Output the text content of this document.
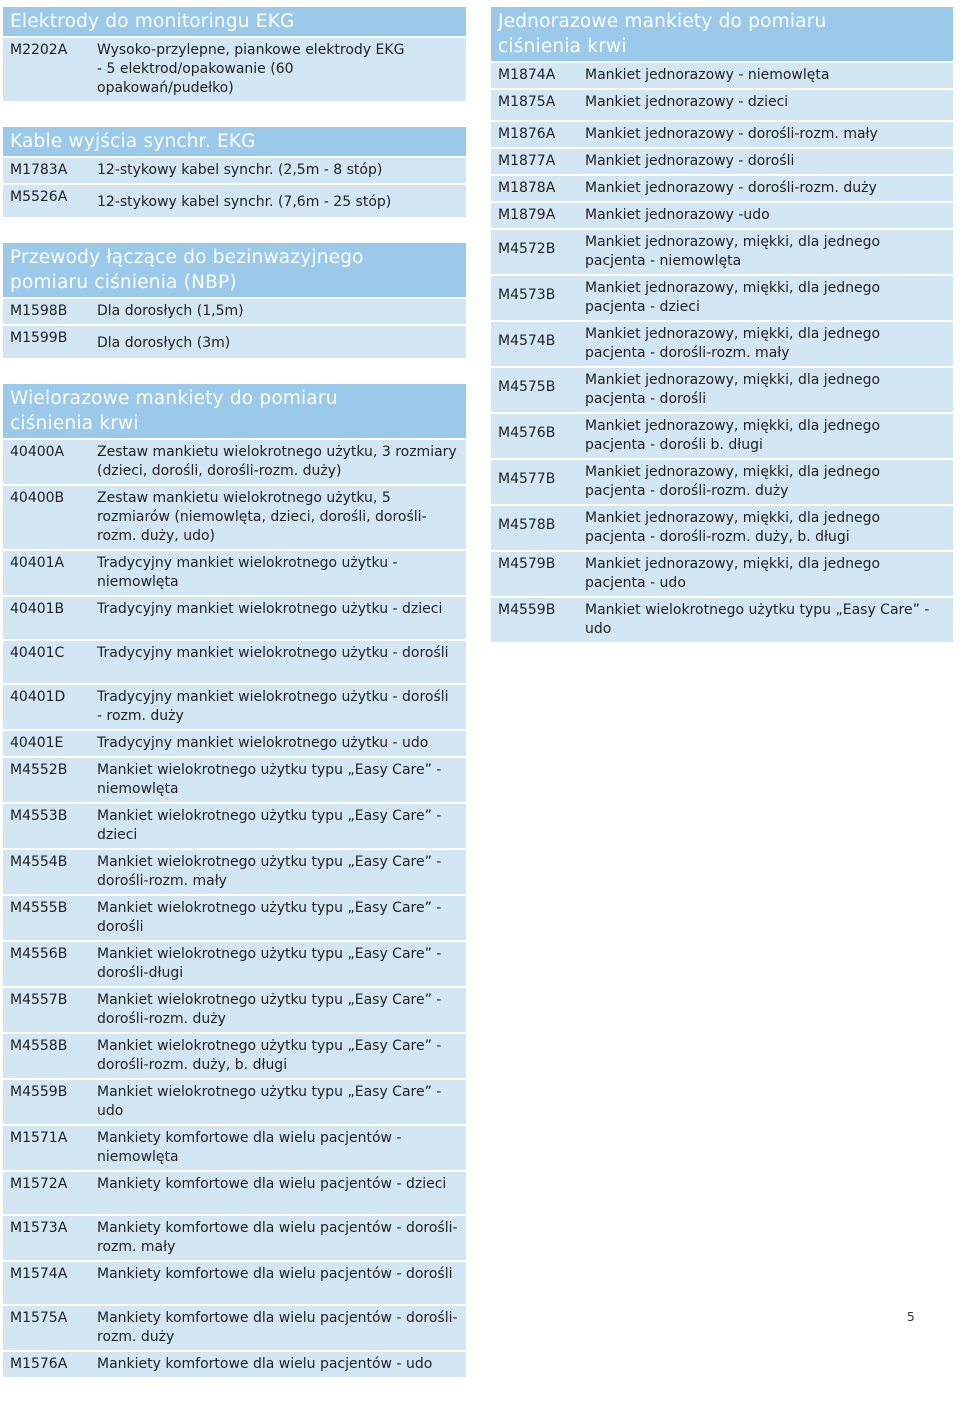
Elektrody do monitoringu EKG
M2202A	Wysoko-przylepne, piankowe elektrody EKG - 5 elektrod/opakowanie (60 opakowań/pudełko)
Kable wyjścia synchr. EKG
M1783A	12-stykowy kabel synchr. (2,5m - 8 stóp)
M5526A	12-stykowy kabel synchr. (7,6m - 25 stóp)
Przewody łączące do bezinwazyjnego pomiaru ciśnienia (NBP)
M1598B	Dla dorosłych (1,5m)
M1599B	Dla dorosłych (3m)
Wielorazowe mankiety do pomiaru ciśnienia krwi
40400A	Zestaw mankietu wielokrotnego użytku, 3 rozmiary (dzieci, dorośli, dorośli-rozm. duży)
40400B	Zestaw mankietu wielokrotnego użytku, 5 rozmiarów (niemowlęta, dzieci, dorośli, dorośli-rozm. duży, udo)
40401A	Tradycyjny mankiet wielokrotnego użytku - niemowlęta
40401B	Tradycyjny mankiet wielokrotnego użytku - dzieci
40401C	Tradycyjny mankiet wielokrotnego użytku - dorośli
40401D	Tradycyjny mankiet wielokrotnego użytku - dorośli - rozm. duży
40401E	Tradycyjny mankiet wielokrotnego użytku - udo
M4552B	Mankiet wielokrotnego użytku typu „Easy Care” - niemowlęta
M4553B	Mankiet wielokrotnego użytku typu „Easy Care” - dzieci
M4554B	Mankiet wielokrotnego użytku typu „Easy Care” - dorośli-rozm. mały
M4555B	Mankiet wielokrotnego użytku typu „Easy Care” - dorośli
M4556B	Mankiet wielokrotnego użytku typu „Easy Care” - dorośli-długi
M4557B	Mankiet wielokrotnego użytku typu „Easy Care” - dorośli-rozm. duży
M4558B	Mankiet wielokrotnego użytku typu „Easy Care” - dorośli-rozm. duży, b. długi
M4559B	Mankiet wielokrotnego użytku typu „Easy Care” - udo
M1571A	Mankiety komfortowe dla wielu pacjentów - niemowlęta
M1572A	Mankiety komfortowe dla wielu pacjentów - dzieci
M1573A	Mankiety komfortowe dla wielu pacjentów - dorośli-rozm. mały
M1574A	Mankiety komfortowe dla wielu pacjentów - dorośli
M1575A	Mankiety komfortowe dla wielu pacjentów - dorośli-rozm. duży
M1576A	Mankiety komfortowe dla wielu pacjentów - udo
Jednorazowe mankiety do pomiaru ciśnienia krwi
M1874A	Mankiet jednorazowy - niemowlęta
M1875A	Mankiet jednorazowy - dzieci
M1876A	Mankiet jednorazowy - dorośli-rozm. mały
M1877A	Mankiet jednorazowy - dorośli
M1878A	Mankiet jednorazowy - dorośli-rozm. duży
M1879A	Mankiet jednorazowy -udo
M4572B	Mankiet jednorazowy, miękki, dla jednego pacjenta - niemowlęta
M4573B	Mankiet jednorazowy, miękki, dla jednego pacjenta - dzieci
M4574B	Mankiet jednorazowy, miękki, dla jednego pacjenta - dorośli-rozm. mały
M4575B	Mankiet jednorazowy, miękki, dla jednego pacjenta - dorośli
M4576B	Mankiet jednorazowy, miękki, dla jednego pacjenta - dorośli b. długi
M4577B	Mankiet jednorazowy, miękki, dla jednego pacjenta - dorośli-rozm. duży
M4578B	Mankiet jednorazowy, miękki, dla jednego pacjenta - dorośli-rozm. duży, b. długi
M4579B	Mankiet jednorazowy, miękki, dla jednego pacjenta - udo
M4559B	Mankiet wielokrotnego użytku typu „Easy Care” - udo
5
